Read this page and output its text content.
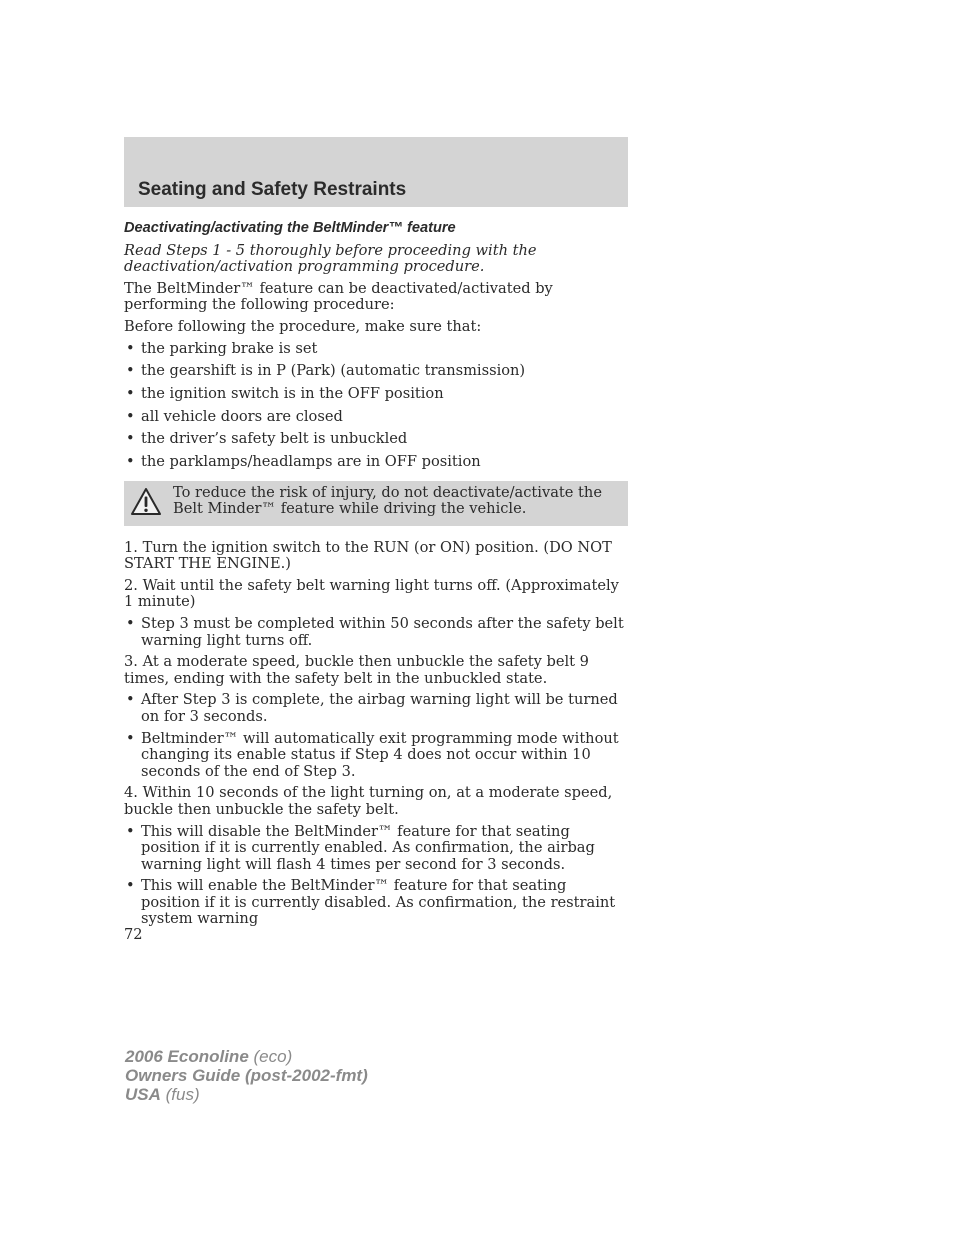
Seating and Safety Restraints
Deactivating/activating the BeltMinder™ feature

Read Steps 1 - 5 thoroughly before proceeding with the deactivation/activation programming procedure.

The BeltMinder™ feature can be deactivated/activated by performing the following procedure:

Before following the procedure, make sure that:

• the parking brake is set
• the gearshift is in P (Park) (automatic transmission)
• the ignition switch is in the OFF position
• all vehicle doors are closed
• the driver’s safety belt is unbuckled
• the parklamps/headlamps are in OFF position
To reduce the risk of injury, do not deactivate/activate the Belt Minder™ feature while driving the vehicle.

1. Turn the ignition switch to the RUN (or ON) position. (DO NOT START THE ENGINE.)

2. Wait until the safety belt warning light turns off. (Approximately 1 minute)

• Step 3 must be completed within 50 seconds after the safety belt warning light turns off.

3. At a moderate speed, buckle then unbuckle the safety belt 9 times, ending with the safety belt in the unbuckled state.

• After Step 3 is complete, the airbag warning light will be turned on for 3 seconds.
• Beltminder™ will automatically exit programming mode without changing its enable status if Step 4 does not occur within 10 seconds of the end of Step 3.

4. Within 10 seconds of the light turning on, at a moderate speed, buckle then unbuckle the safety belt.

• This will disable the BeltMinder™ feature for that seating position if it is currently enabled. As confirmation, the airbag warning light will flash 4 times per second for 3 seconds.
• This will enable the BeltMinder™ feature for that seating position if it is currently disabled. As confirmation, the restraint system warning
72
2006 Econoline (eco)
Owners Guide (post-2002-fmt)
USA (fus)
